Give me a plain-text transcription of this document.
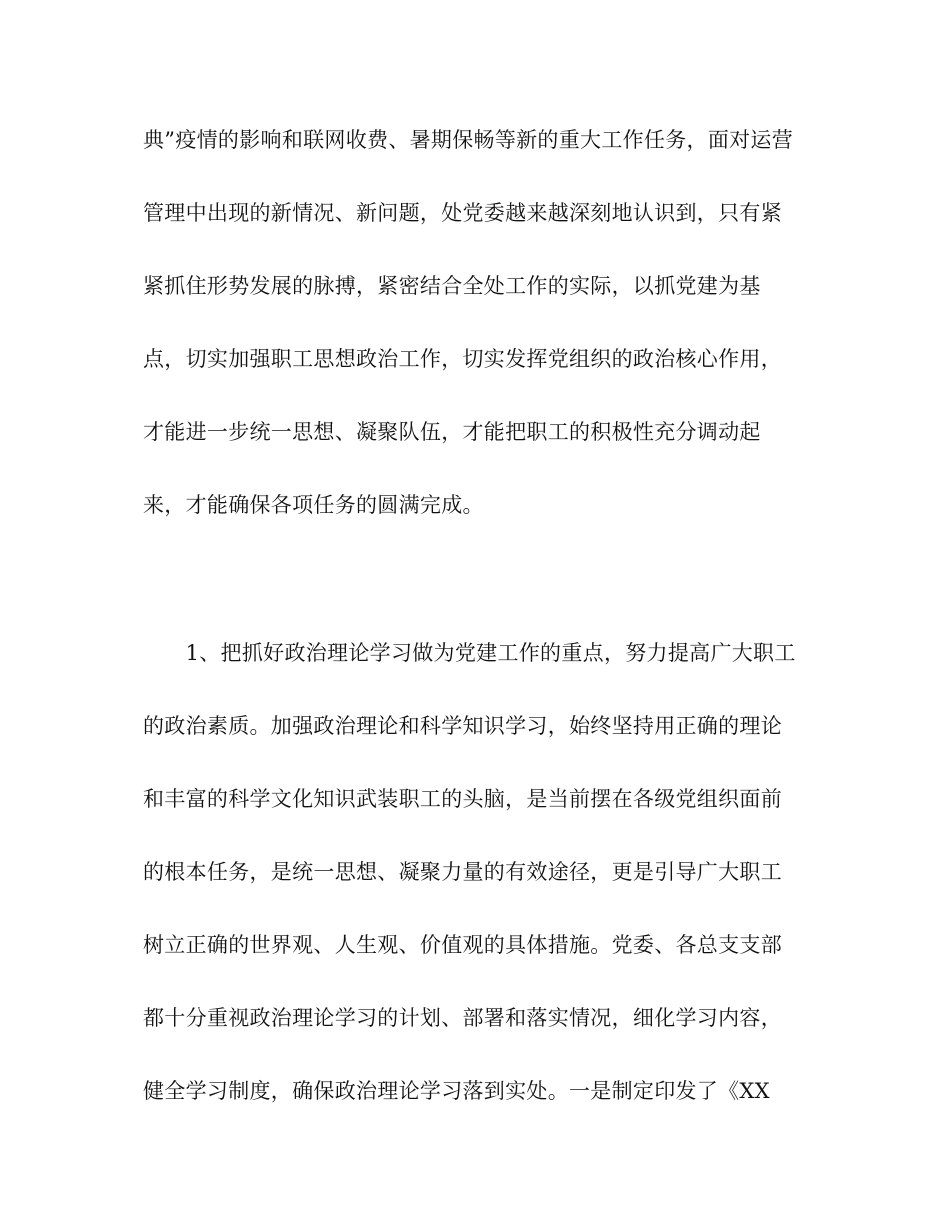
典”疫情的影响和联网收费、暑期保畅等新的重大工作任务，面对运营
管理中出现的新情况、新问题，处党委越来越深刻地认识到，只有紧
紧抓住形势发展的脉搏，紧密结合全处工作的实际，以抓党建为基
点，切实加强职工思想政治工作，切实发挥党组织的政治核心作用，
才能进一步统一思想、凝聚队伍，才能把职工的积极性充分调动起
来，才能确保各项任务的圆满完成。
　　1、把抓好政治理论学习做为党建工作的重点，努力提高广大职工
的政治素质。加强政治理论和科学知识学习，始终坚持用正确的理论
和丰富的科学文化知识武装职工的头脑，是当前摆在各级党组织面前
的根本任务，是统一思想、凝聚力量的有效途径，更是引导广大职工
树立正确的世界观、人生观、价值观的具体措施。党委、各总支支部
都十分重视政治理论学习的计划、部署和落实情况，细化学习内容，
健全学习制度，确保政治理论学习落到实处。一是制定印发了《XX
